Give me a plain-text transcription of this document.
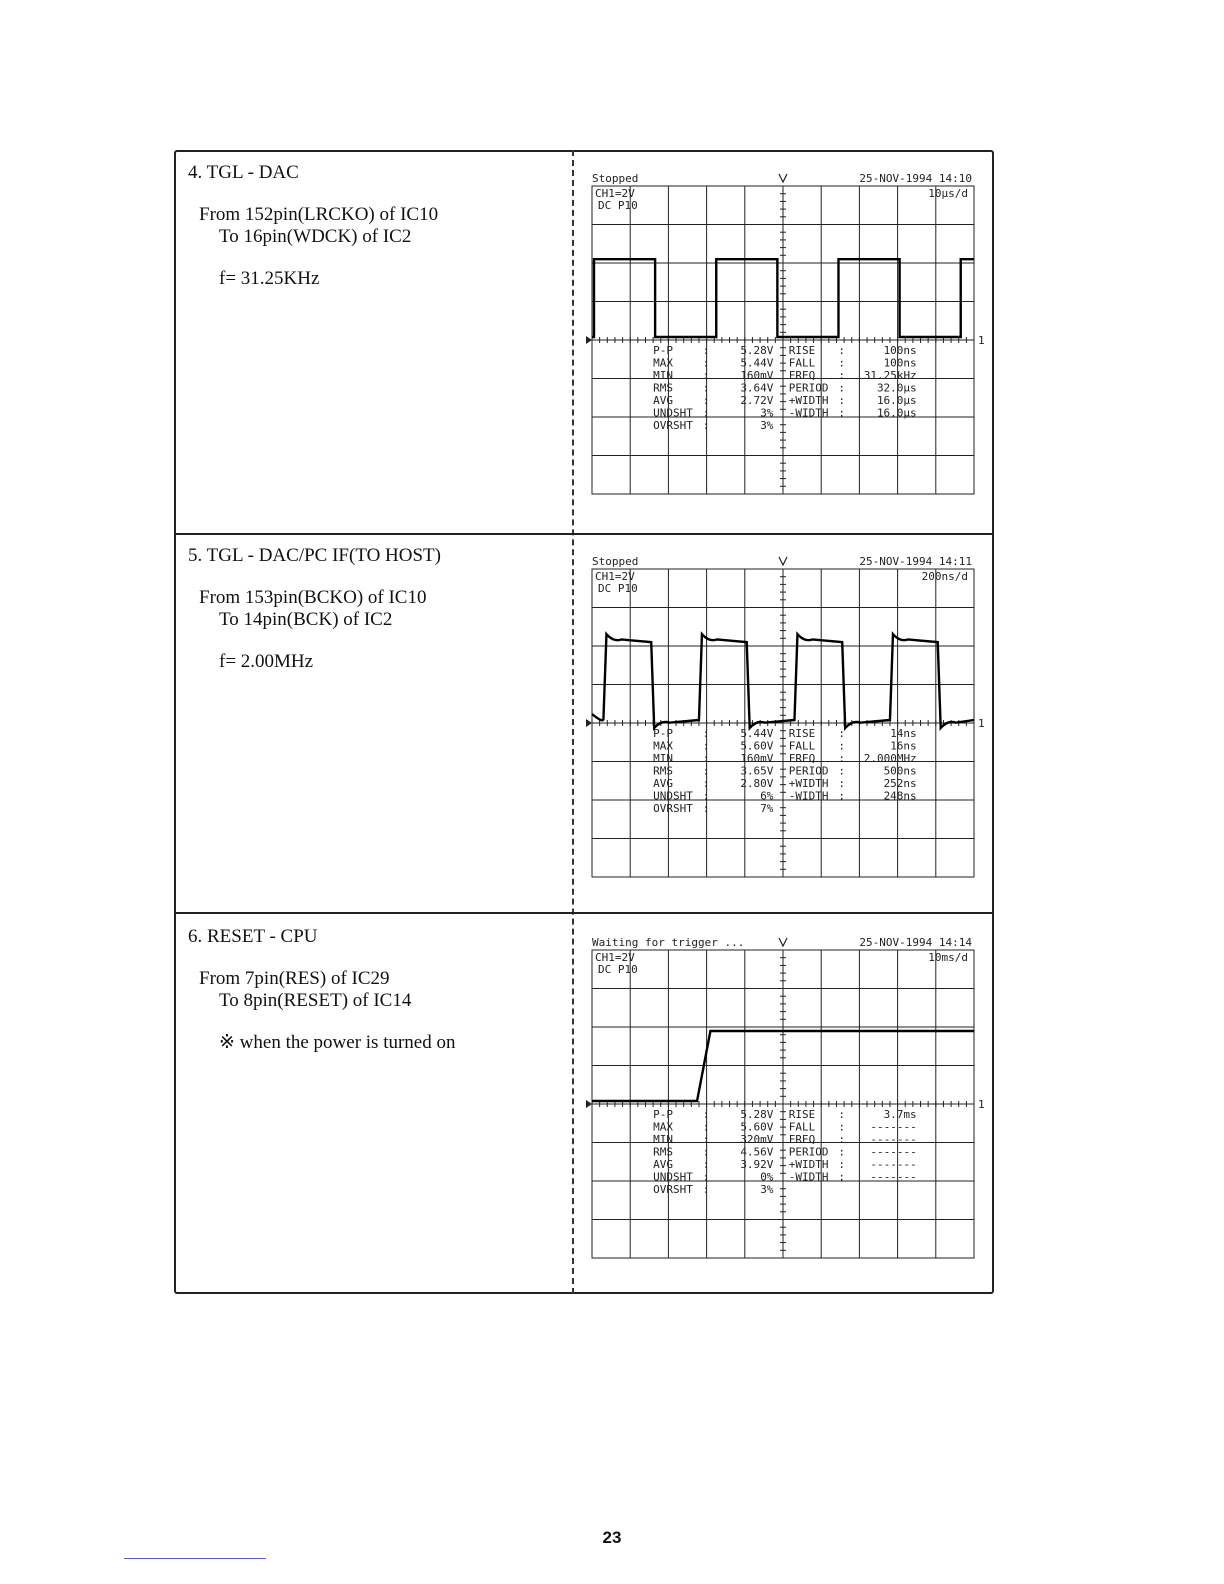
4. TGL - DAC
From 152pin(LRCKO) of IC10
To 16pin(WDCK) of IC2
f= 31.25KHz
5. TGL - DAC/PC IF(TO HOST)
From 153pin(BCKO) of IC10
To 14pin(BCK) of IC2
f= 2.00MHz
6. RESET - CPU
From 7pin(RES) of IC29
To 8pin(RESET) of IC14
※ when the power is turned on
Stopped	25-NOV-1994 14:10
CH1=2V
DC P10
10μs/d
1
P-P	:	5.28V
MAX	:	5.44V
MIN	:	160mV
RMS	:	3.64V
AVG	:	2.72V
UNDSHT :	3%
OVRSHT :	3%
RISE :	100ns
FALL :	100ns
FREQ : 31.25kHz
PERIOD :	32.0μs
+WIDTH :	16.0μs
-WIDTH :	16.0μs
Stopped	25-NOV-1994 14:11
CH1=2V
DC P10
200ns/d
1
P-P	:	5.44V
MAX	:	5.60V
MIN	:	160mV
RMS	:	3.65V
AVG	:	2.80V
UNDSHT :	6%
OVRSHT :	7%
RISE :	14ns
FALL :	16ns
FREQ : 2.000MHz
PERIOD :	500ns
+WIDTH :	252ns
-WIDTH :	248ns
Waiting for trigger ...	25-NOV-1994 14:14
CH1=2V
DC P10
10ms/d
1
P-P	:	5.28V
MAX	:	5.60V
MIN	:	320mV
RMS	:	4.56V
AVG	:	3.92V
UNDSHT :	0%
OVRSHT :	3%
RISE :	3.7ms
FALL : -------
FREQ : -------
PERIOD : -------
+WIDTH : -------
-WIDTH : -------
23
